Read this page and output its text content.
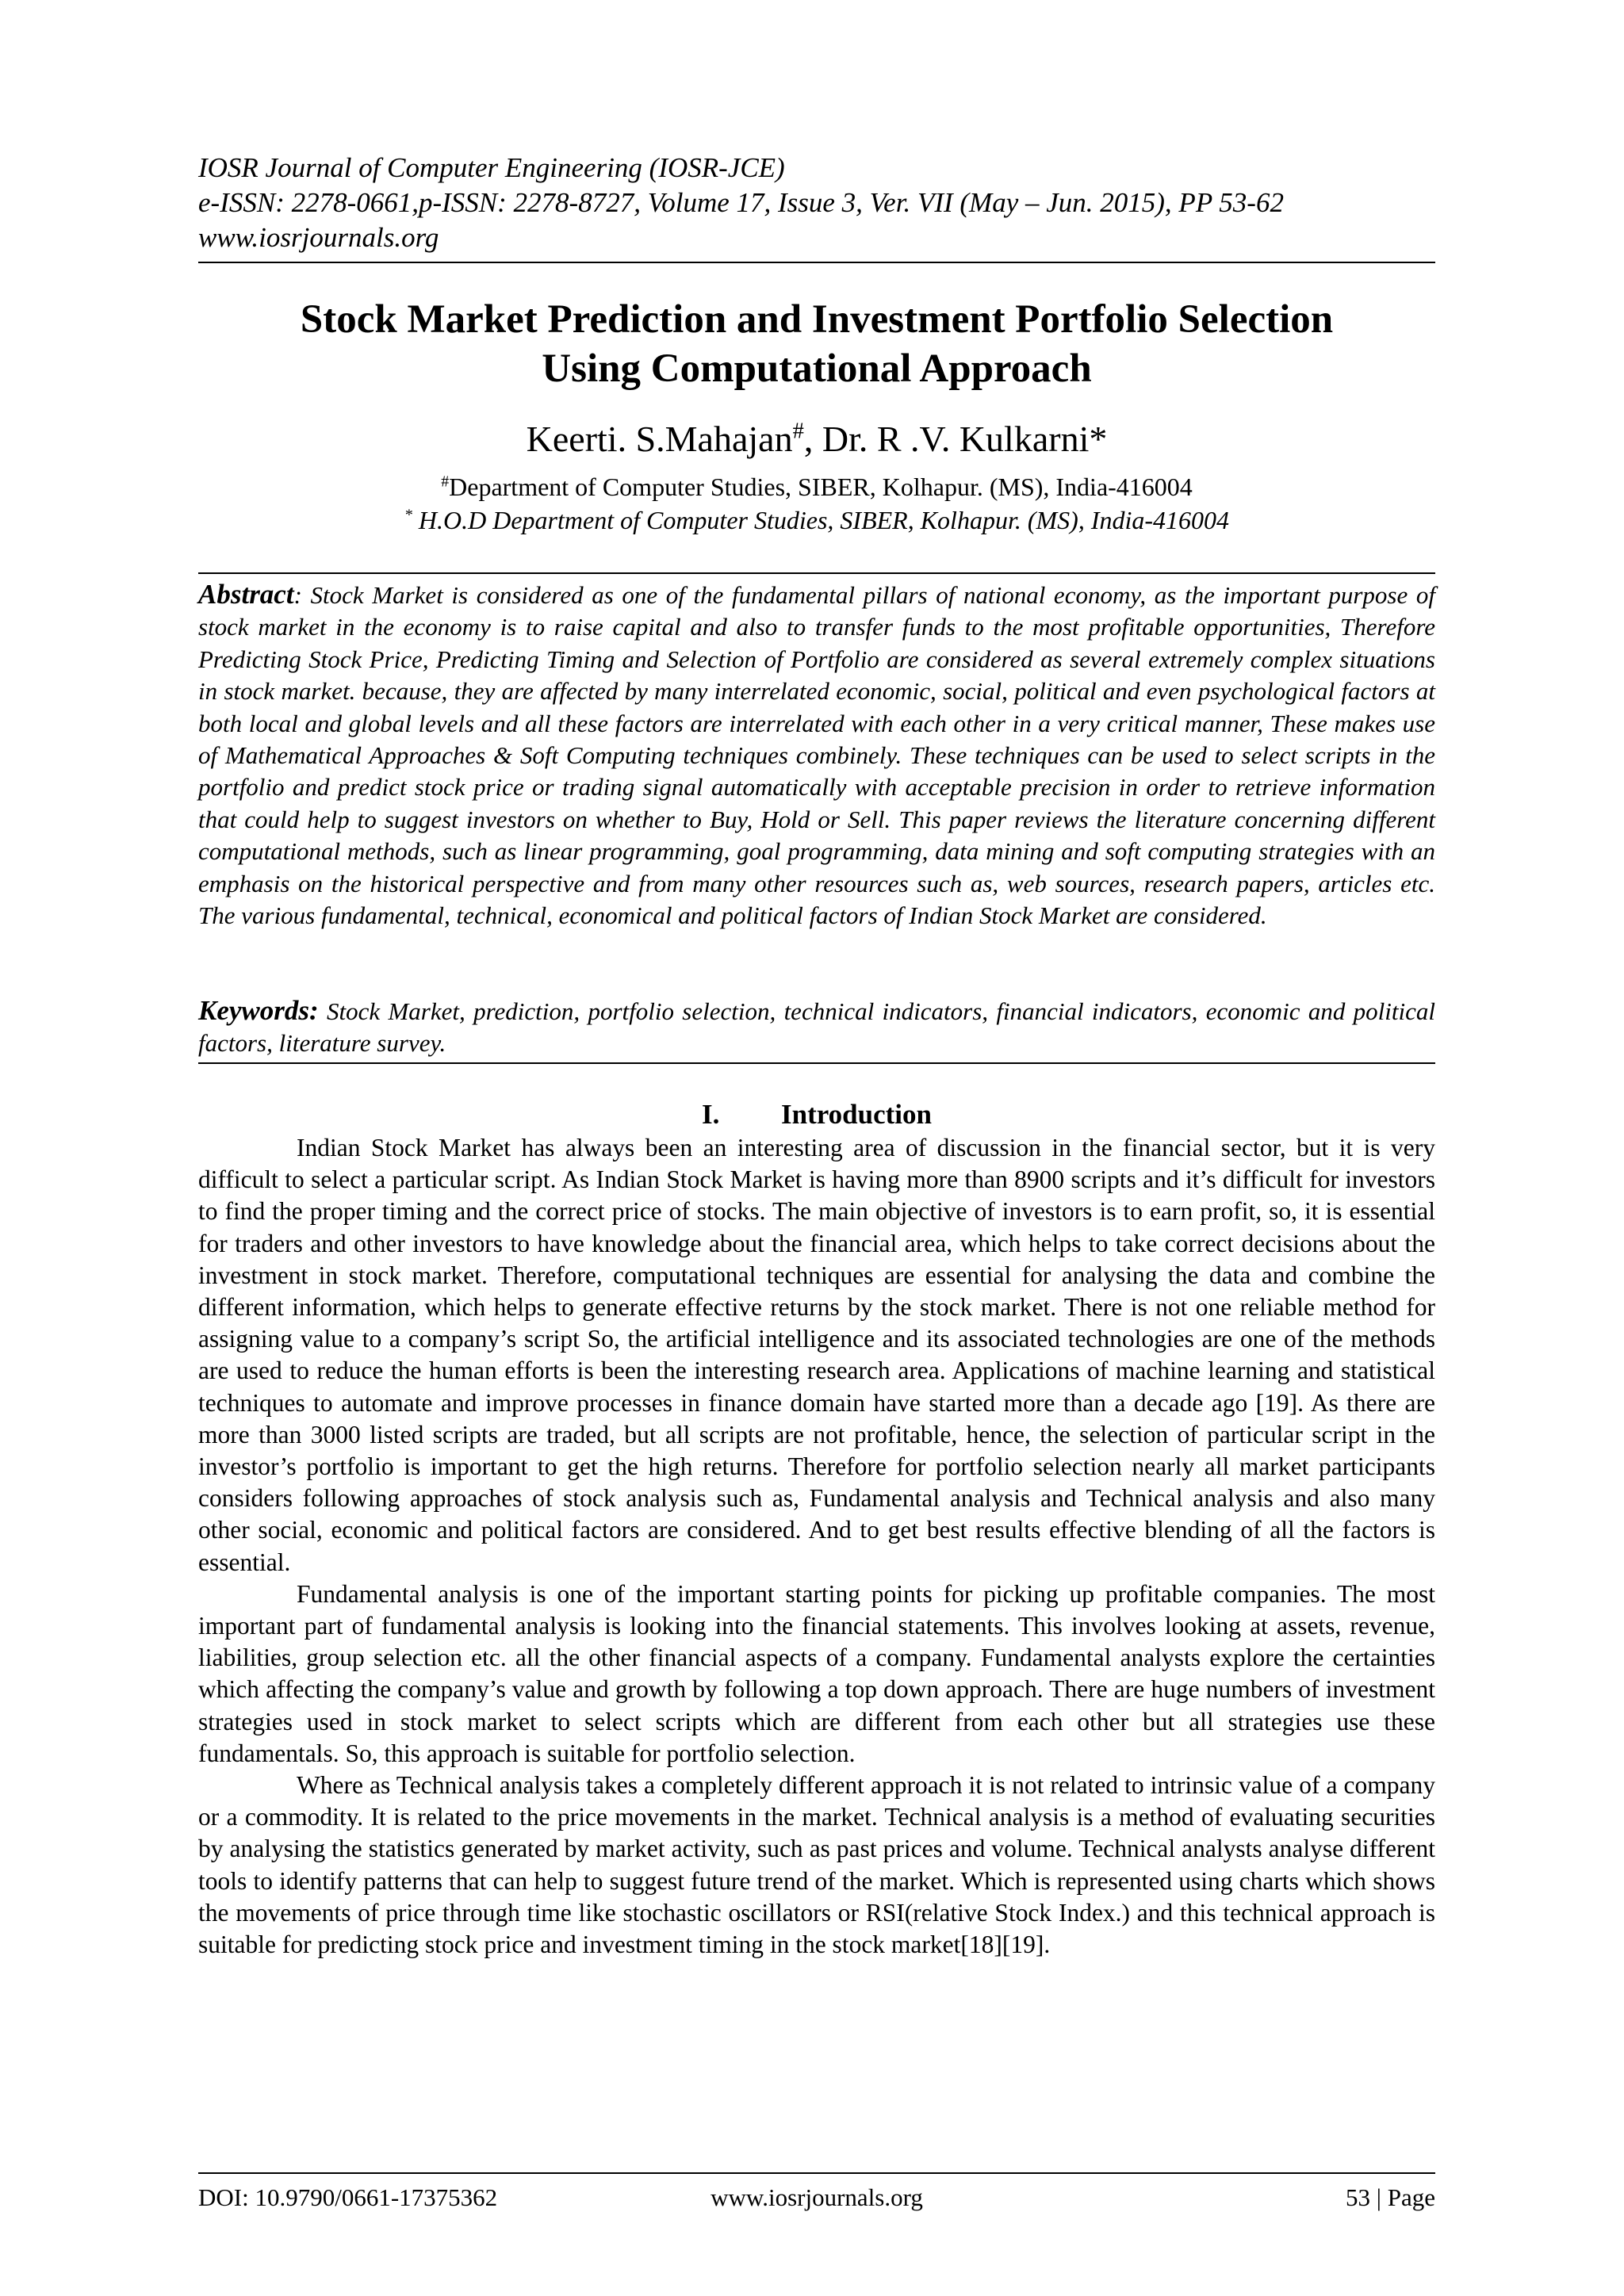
IOSR Journal of Computer Engineering (IOSR-JCE)
e-ISSN: 2278-0661,p-ISSN: 2278-8727, Volume 17, Issue 3, Ver. VII (May – Jun. 2015), PP 53-62
www.iosrjournals.org
Stock Market Prediction and Investment Portfolio Selection
Using Computational Approach
Keerti. S.Mahajan#, Dr. R .V. Kulkarni*
#Department of Computer Studies, SIBER, Kolhapur. (MS), India-416004
* H.O.D Department of Computer Studies, SIBER, Kolhapur. (MS), India-416004
Abstract: Stock Market is considered as one of the fundamental pillars of national economy, as the important purpose of stock market in the economy is to raise capital and also to transfer funds to the most profitable opportunities, Therefore Predicting Stock Price, Predicting Timing and Selection of Portfolio are considered as several extremely complex situations in stock market. because, they are affected by many interrelated economic, social, political and even psychological factors at both local and global levels and all these factors are interrelated with each other in a very critical manner, These makes use of Mathematical Approaches & Soft Computing techniques combinely. These techniques can be used to select scripts in the portfolio and predict stock price or trading signal automatically with acceptable precision in order to retrieve information that could help to suggest investors on whether to Buy, Hold or Sell. This paper reviews the literature concerning different computational methods, such as linear programming, goal programming, data mining and soft computing strategies with an emphasis on the historical perspective and from many other resources such as, web sources, research papers, articles etc. The various fundamental, technical, economical and political factors of Indian Stock Market are considered.
Keywords: Stock Market, prediction, portfolio selection, technical indicators, financial indicators, economic and political factors, literature survey.
I. Introduction

Indian Stock Market has always been an interesting area of discussion in the financial sector, but it is very difficult to select a particular script. As Indian Stock Market is having more than 8900 scripts and it’s difficult for investors to find the proper timing and the correct price of stocks. The main objective of investors is to earn profit, so, it is essential for traders and other investors to have knowledge about the financial area, which helps to take correct decisions about the investment in stock market. Therefore, computational techniques are essential for analysing the data and combine the different information, which helps to generate effective returns by the stock market. There is not one reliable method for assigning value to a company’s script So, the artificial intelligence and its associated technologies are one of the methods are used to reduce the human efforts is been the interesting research area. Applications of machine learning and statistical techniques to automate and improve processes in finance domain have started more than a decade ago [19]. As there are more than 3000 listed scripts are traded, but all scripts are not profitable, hence, the selection of particular script in the investor’s portfolio is important to get the high returns. Therefore for portfolio selection nearly all market participants considers following approaches of stock analysis such as, Fundamental analysis and Technical analysis and also many other social, economic and political factors are considered. And to get best results effective blending of all the factors is essential.

Fundamental analysis is one of the important starting points for picking up profitable companies. The most important part of fundamental analysis is looking into the financial statements. This involves looking at assets, revenue, liabilities, group selection etc. all the other financial aspects of a company. Fundamental analysts explore the certainties which affecting the company’s value and growth by following a top down approach. There are huge numbers of investment strategies used in stock market to select scripts which are different from each other but all strategies use these fundamentals. So, this approach is suitable for portfolio selection.

Where as Technical analysis takes a completely different approach it is not related to intrinsic value of a company or a commodity. It is related to the price movements in the market. Technical analysis is a method of evaluating securities by analysing the statistics generated by market activity, such as past prices and volume. Technical analysts analyse different tools to identify patterns that can help to suggest future trend of the market. Which is represented using charts which shows the movements of price through time like stochastic oscillators or RSI(relative Stock Index.) and this technical approach is suitable for predicting stock price and investment timing in the stock market[18][19].

DOI: 10.9790/0661-17375362	www.iosrjournals.org	53 | Page
